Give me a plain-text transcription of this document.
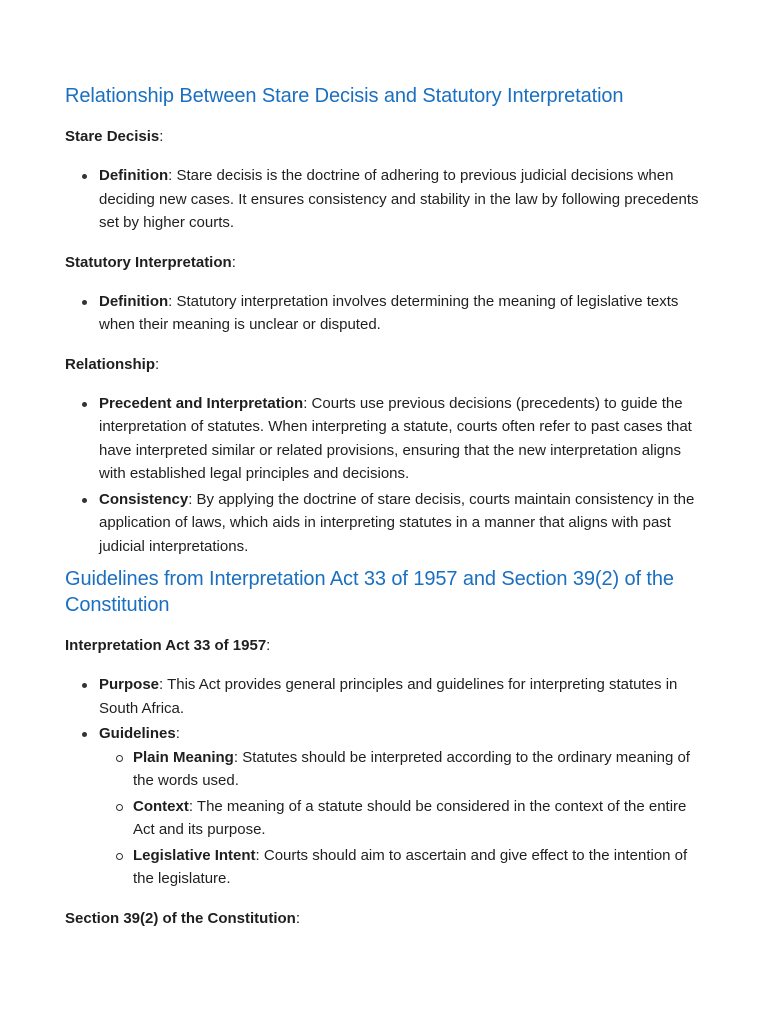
Relationship Between Stare Decisis and Statutory Interpretation

Stare Decisis:

Definition: Stare decisis is the doctrine of adhering to previous judicial decisions when deciding new cases. It ensures consistency and stability in the law by following precedents set by higher courts.

Statutory Interpretation:

Definition: Statutory interpretation involves determining the meaning of legislative texts when their meaning is unclear or disputed.

Relationship:

Precedent and Interpretation: Courts use previous decisions (precedents) to guide the interpretation of statutes. When interpreting a statute, courts often refer to past cases that have interpreted similar or related provisions, ensuring that the new interpretation aligns with established legal principles and decisions.
Consistency: By applying the doctrine of stare decisis, courts maintain consistency in the application of laws, which aids in interpreting statutes in a manner that aligns with past judicial interpretations.
Guidelines from Interpretation Act 33 of 1957 and Section 39(2) of the Constitution

Interpretation Act 33 of 1957:

Purpose: This Act provides general principles and guidelines for interpreting statutes in South Africa.
Guidelines:
Plain Meaning: Statutes should be interpreted according to the ordinary meaning of the words used.
Context: The meaning of a statute should be considered in the context of the entire Act and its purpose.
Legislative Intent: Courts should aim to ascertain and give effect to the intention of the legislature.

Section 39(2) of the Constitution:
